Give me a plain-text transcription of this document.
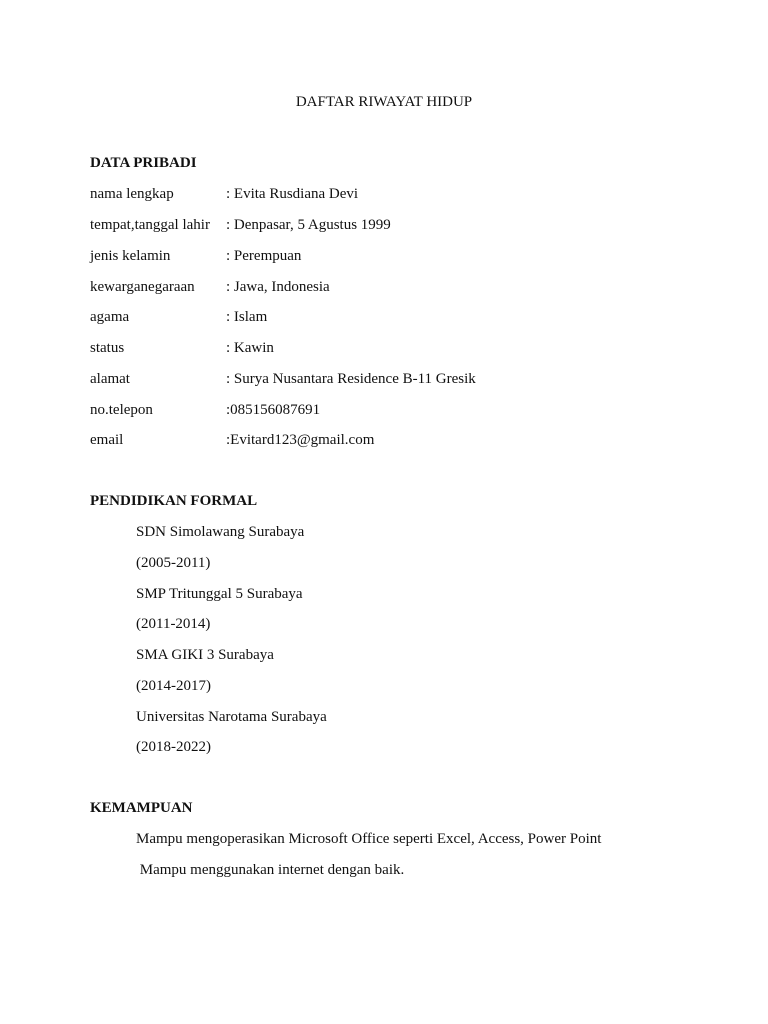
DAFTAR RIWAYAT HIDUP
DATA PRIBADI
nama lengkap	: Evita Rusdiana Devi
tempat,tanggal lahir : Denpasar, 5 Agustus 1999
jenis kelamin	: Perempuan
kewarganegaraan : Jawa, Indonesia
agama	: Islam
status	: Kawin
alamat	: Surya Nusantara Residence B-11 Gresik
no.telepon	:085156087691
email	:Evitard123@gmail.com
PENDIDIKAN FORMAL
SDN Simolawang Surabaya
(2005-2011)
SMP Tritunggal 5 Surabaya
(2011-2014)
SMA GIKI 3 Surabaya
(2014-2017)
Universitas Narotama Surabaya
(2018-2022)
KEMAMPUAN
Mampu mengoperasikan Microsoft Office seperti Excel, Access, Power Point
Mampu menggunakan internet dengan baik.
